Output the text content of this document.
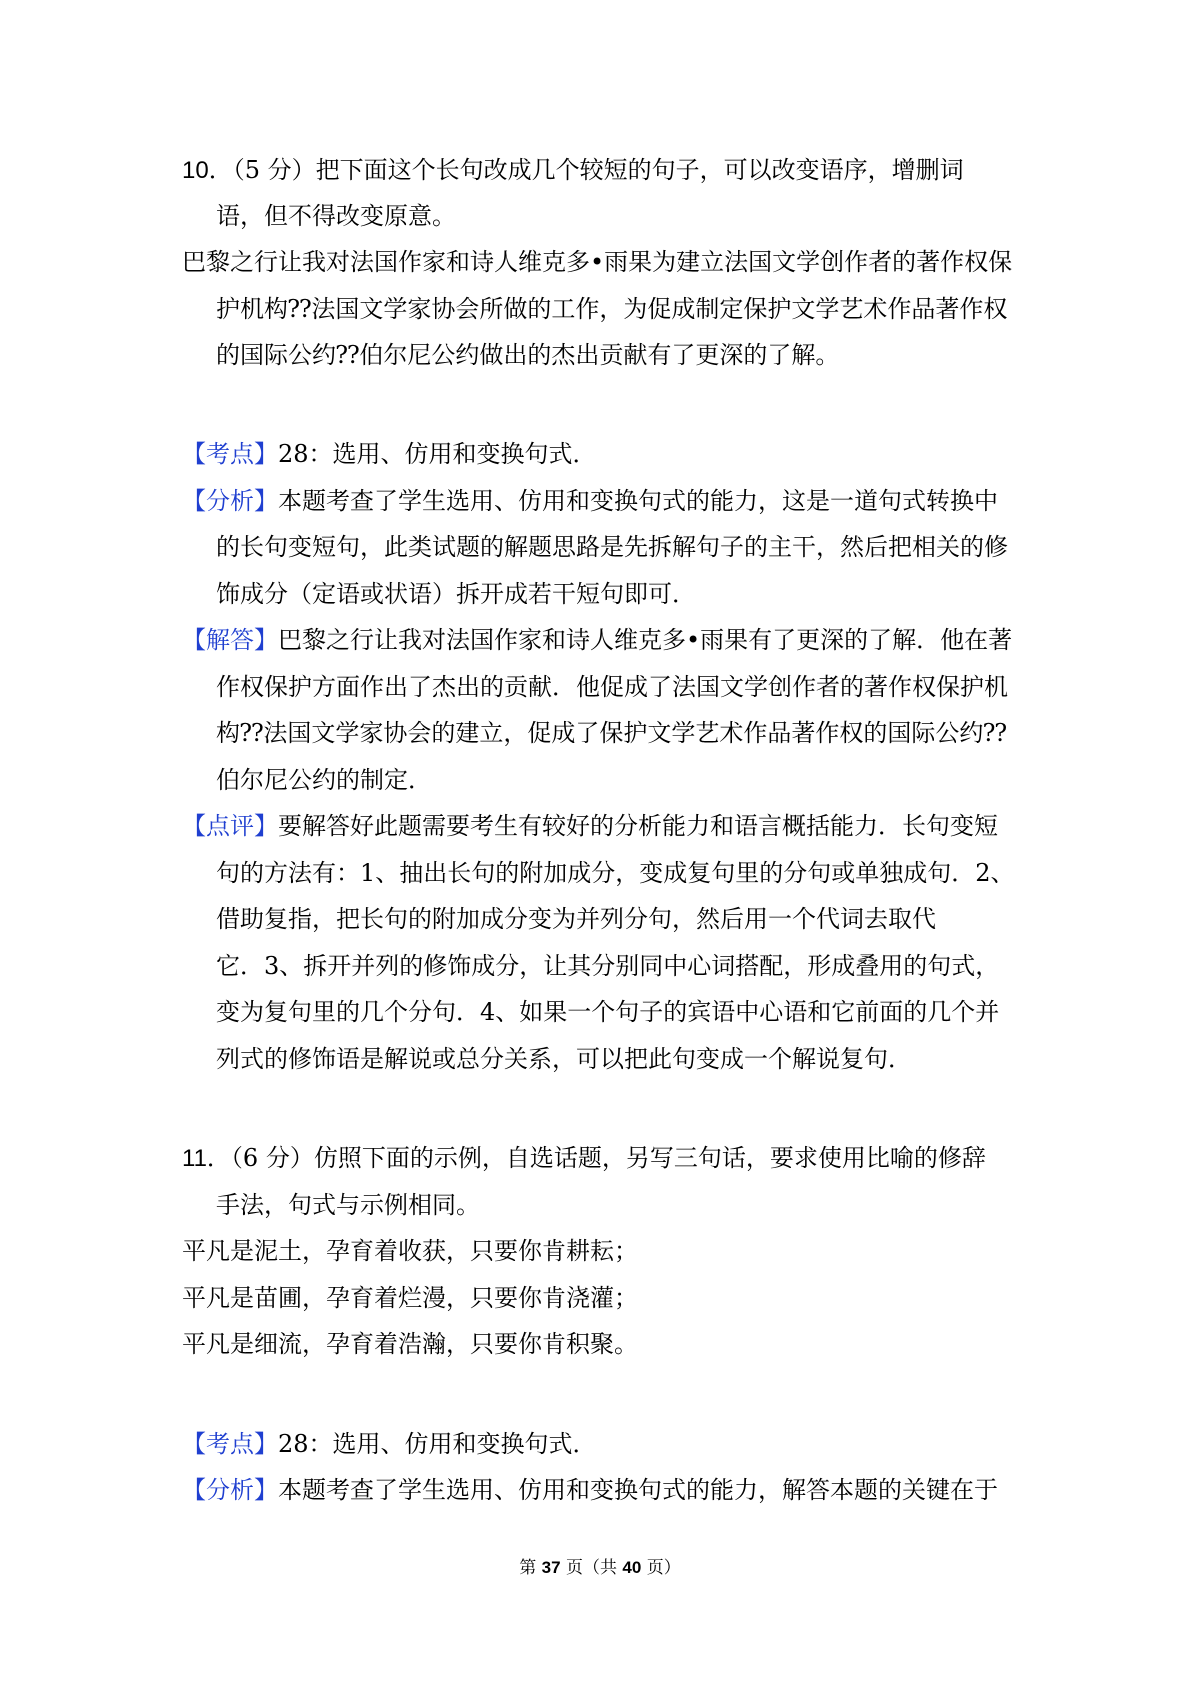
10．（5 分）把下面这个长句改成几个较短的句子，可以改变语序，增删词
语，但不得改变原意。
巴黎之行让我对法国作家和诗人维克多•雨果为建立法国文学创作者的著作权保
护机构⁇法国文学家协会所做的工作，为促成制定保护文学艺术作品著作权
的国际公约⁇伯尔尼公约做出的杰出贡献有了更深的了解。
【考点】28：选用、仿用和变换句式．
【分析】本题考查了学生选用、仿用和变换句式的能力，这是一道句式转换中
的长句变短句，此类试题的解题思路是先拆解句子的主干，然后把相关的修
饰成分（定语或状语）拆开成若干短句即可．
【解答】巴黎之行让我对法国作家和诗人维克多•雨果有了更深的了解．他在著
作权保护方面作出了杰出的贡献．他促成了法国文学创作者的著作权保护机
构⁇法国文学家协会的建立，促成了保护文学艺术作品著作权的国际公约⁇
伯尔尼公约的制定．
【点评】要解答好此题需要考生有较好的分析能力和语言概括能力．长句变短
句的方法有：1、抽出长句的附加成分，变成复句里的分句或单独成句．2、
借助复指，把长句的附加成分变为并列分句，然后用一个代词去取代
它．3、拆开并列的修饰成分，让其分别同中心词搭配，形成叠用的句式，
变为复句里的几个分句．4、如果一个句子的宾语中心语和它前面的几个并
列式的修饰语是解说或总分关系，可以把此句变成一个解说复句．
11．（6 分）仿照下面的示例，自选话题，另写三句话，要求使用比喻的修辞
手法，句式与示例相同。
平凡是泥土，孕育着收获，只要你肯耕耘；
平凡是苗圃，孕育着烂漫，只要你肯浇灌；
平凡是细流，孕育着浩瀚，只要你肯积聚。
【考点】28：选用、仿用和变换句式．
【分析】本题考查了学生选用、仿用和变换句式的能力，解答本题的关键在于
第 37 页（共 40 页）
